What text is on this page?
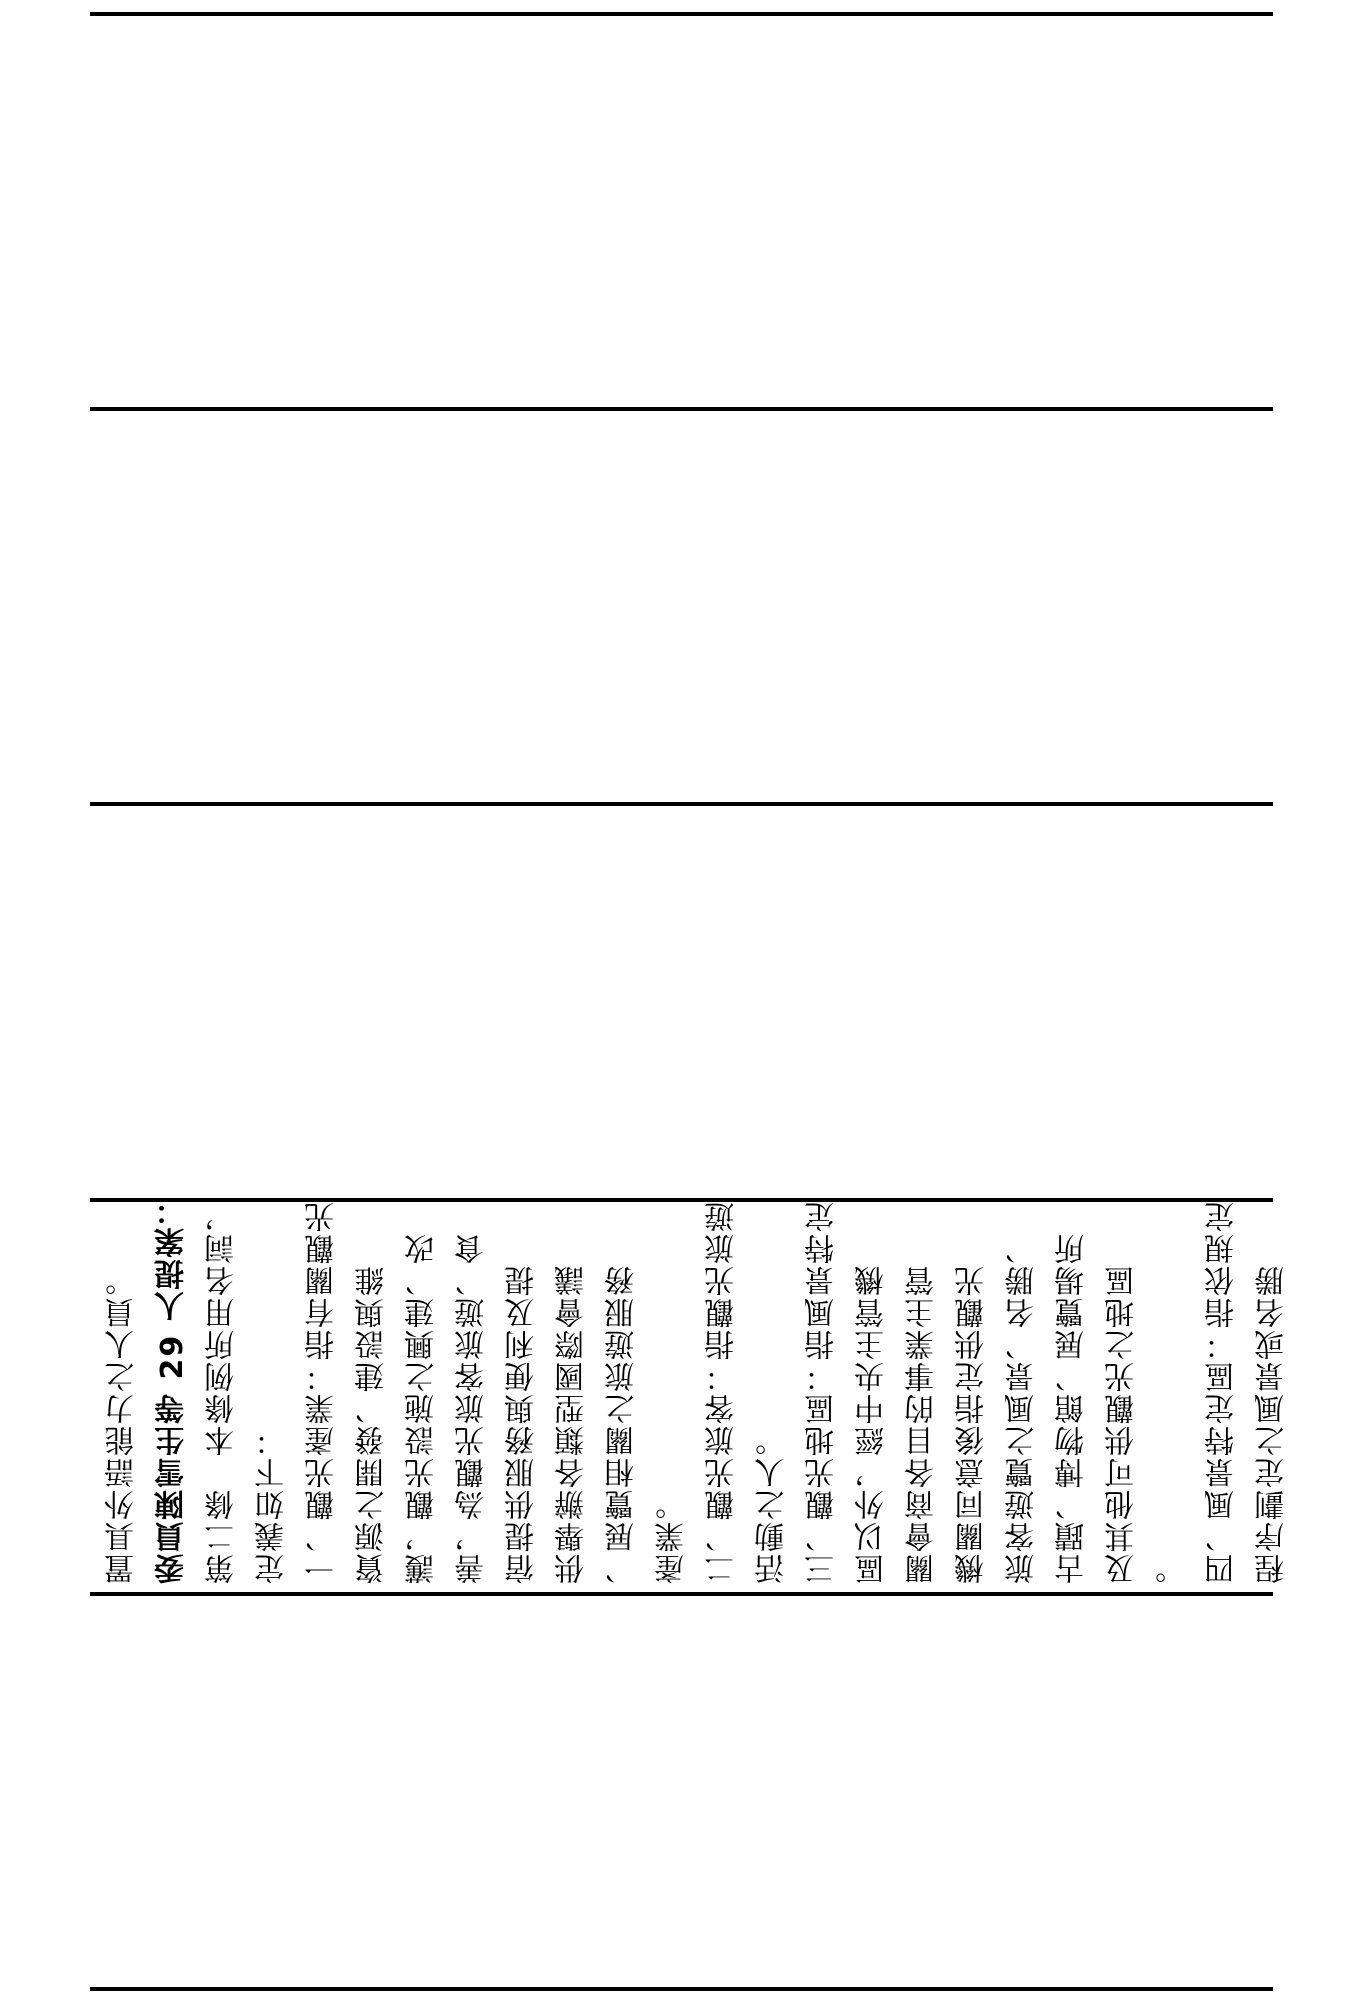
置具外語能力之人員。 委員陳雪生等 29 人提案： 第二條　本條例所用名詞， 定義如下： 一、觀光產業：指有關觀光 資源之開發、建設與維 護，觀光設施之興建、改 善，為觀光旅客旅遊、食 宿提供服務與便利及提 供舉辦各類型國際會議 、展覽相關之旅遊服務 產業。 二、觀光旅客：指觀光旅遊 活動之人。 三、觀光地區：指風景特定 區以外，經中央主管機 關會商各目的事業主管 機關同意後指定供觀光 旅客遊覽之風景、名勝、 古蹟、博物館、展覽場所 及其他可供觀光之地區 。 四、風景特定區：指依規定 程序劃定之風景或名勝
